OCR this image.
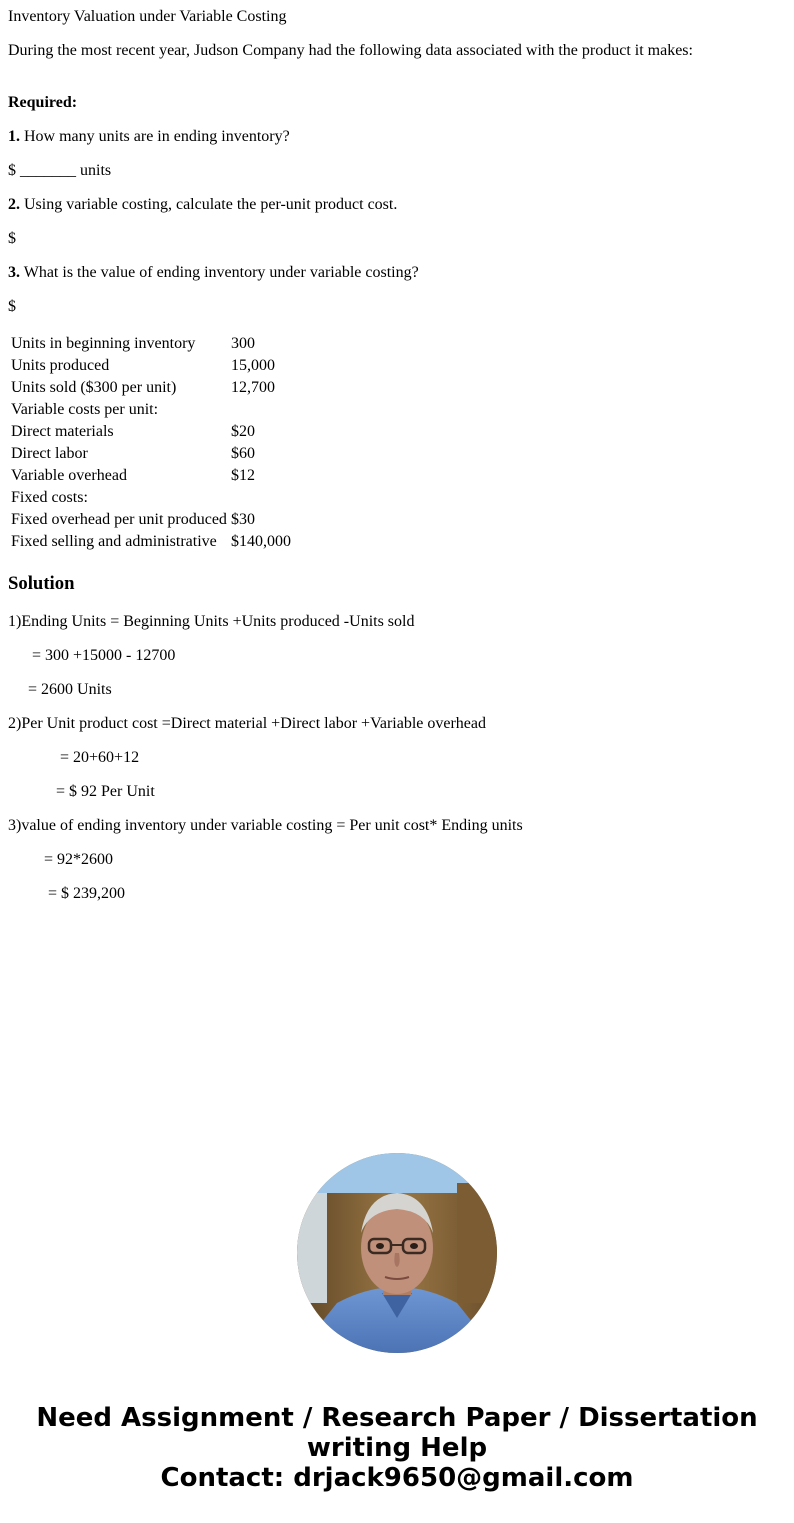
Inventory Valuation under Variable Costing

During the most recent year, Judson Company had the following data associated with the product it makes:

Required:

1. How many units are in ending inventory?

$ _______ units

2. Using variable costing, calculate the per-unit product cost.

$

3. What is the value of ending inventory under variable costing?

$

Units in beginning inventory	300
Units produced	15,000
Units sold ($300 per unit)	12,700
Variable costs per unit:	
Direct materials	$20
Direct labor	$60
Variable overhead	$12
Fixed costs:	
Fixed overhead per unit produced	$30
Fixed selling and administrative	$140,000
Solution

1)Ending Units = Beginning Units +Units produced -Units sold

= 300 +15000 - 12700

= 2600 Units

2)Per Unit product cost =Direct material +Direct labor +Variable overhead

= 20+60+12

= $ 92 Per Unit

3)value of ending inventory under variable costing = Per unit cost* Ending units

= 92*2600

= $ 239,200

Need Assignment / Research Paper / Dissertation
writing Help
Contact: drjack9650@gmail.com
